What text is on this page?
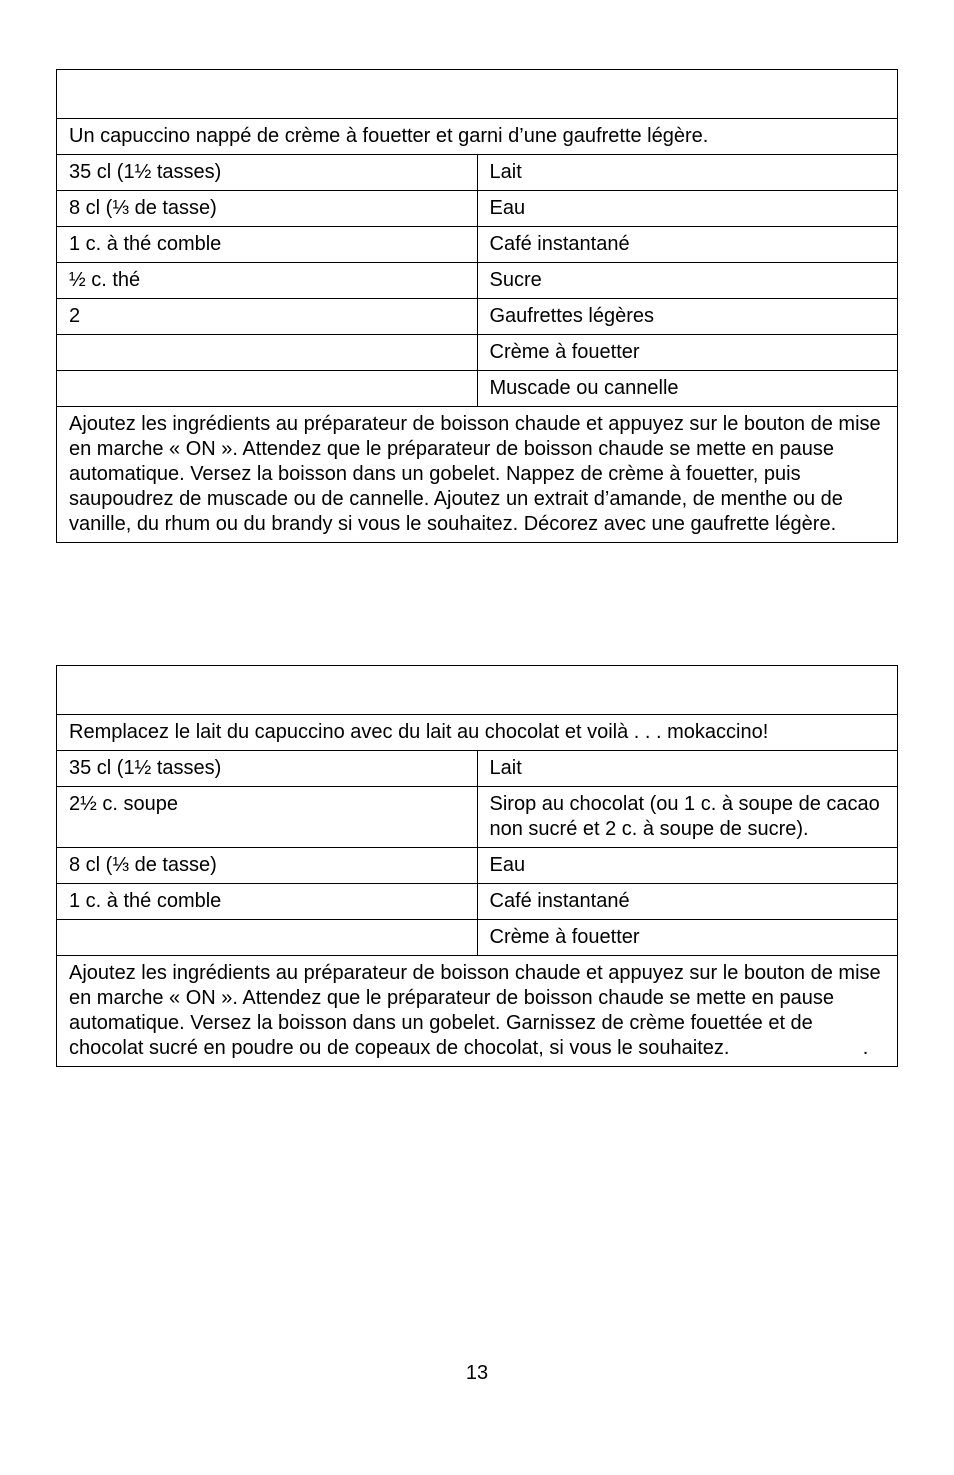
Un capuccino nappé de crème à fouetter et garni d’une gaufrette légère.	
35 cl (1½ tasses)	Lait
8 cl (⅓ de tasse)	Eau
1 c. à thé comble	Café instantané
½ c. thé	Sucre
2	Gaufrettes légères
	Crème à fouetter
	Muscade ou cannelle
Ajoutez les ingrédients au préparateur de boisson chaude et appuyez sur le bouton de mise en marche « ON ». Attendez que le préparateur de boisson chaude se mette en pause automatique. Versez la boisson dans un gobelet. Nappez de crème à fouetter, puis saupoudrez de muscade ou de cannelle. Ajoutez un extrait d’amande, de menthe ou de vanille, du rhum ou du brandy si vous le souhaitez. Décorez avec une gaufrette légère.	

Remplacez le lait du capuccino avec du lait au chocolat et voilà . . . mokaccino!	
35 cl (1½ tasses)	Lait
2½ c. soupe	Sirop au chocolat (ou 1 c. à soupe de cacao non sucré et 2 c. à soupe de sucre).
8 cl (⅓ de tasse)	Eau
1 c. à thé comble	Café instantané
	Crème à fouetter
Ajoutez les ingrédients au préparateur de boisson chaude et appuyez sur le bouton de mise en marche « ON ». Attendez que le préparateur de boisson chaude se mette en pause automatique. Versez la boisson dans un gobelet. Garnissez de crème fouettée et de chocolat sucré en poudre ou de copeaux de chocolat, si vous le souhaitez.                        .	
13
